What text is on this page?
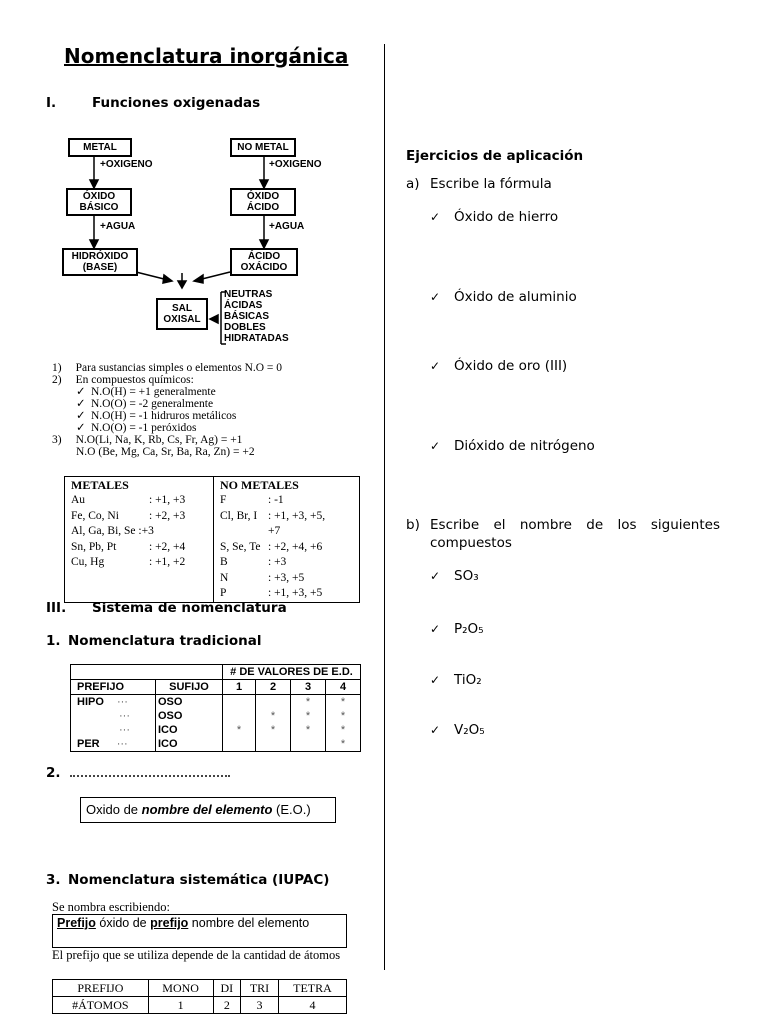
Nomenclatura inorgánica
I.	Funciones oxigenadas
METAL	NO METAL
+OXIGENO	+OXIGENO
ÓXIDO
BÁSICO
ÓXIDO
ÁCIDO
+AGUA	+AGUA
HIDRÓXIDO
(BASE)
ÁCIDO
OXÁCIDO
SAL
OXISAL
NEUTRAS
ÁCIDAS
BÁSICAS
DOBLES
HIDRATADAS
1) Para sustancias simples o elementos N.O = 0
2) En compuestos químicos:
✓ N.O(H) = +1 generalmente
✓ N.O(O) = -2 generalmente
✓ N.O(H) = -1 hidruros metálicos
✓ N.O(O) = -1 peróxidos
3) N.O(Li, Na, K, Rb, Cs, Fr, Ag) = +1
N.O (Be, Mg, Ca, Sr, Ba, Ra, Zn) = +2
METALES
Au	: +1, +3
Fe, Co, Ni	: +2, +3
Al, Ga, Bi, Se : +3
Sn, Pb, Pt	: +2, +4
Cu, Hg	: +1, +2

NO METALES
F	: -1
Cl, Br, I : +1, +3, +5,
+7
S, Se, Te : +2, +4, +6
B	: +3
N	: +3, +5
P	: +1, +3, +5
III. Sistema de nomenclatura
1. Nomenclatura tradicional
		# DE VALORES DE E.D.			
PREFIJO	SUFIJO	1	2	3	4
HIPO ···	OSO			*	*
···	OSO		*	*	*
···	ICO	*	*	*	*
PER ···	ICO				*
2.
Oxido de nombre del elemento (E.O.)
3. Nomenclatura sistemática (IUPAC)
Se nombra escribiendo:
Prefijo óxido de prefijo nombre del elemento
El prefijo que se utiliza depende de la cantidad de átomos
PREFIJO	MONO	DI	TRI	TETRA
#ÁTOMOS	1	2	3	4
Ejercicios de aplicación
a) Escribe la fórmula
✓ Óxido de hierro
✓ Óxido de aluminio
✓ Óxido de oro (III)
✓ Dióxido de nitrógeno
b) Escribe el nombre de los siguientes compuestos
✓ SO₃
✓ P₂O₅
✓ TiO₂
✓ V₂O₅
